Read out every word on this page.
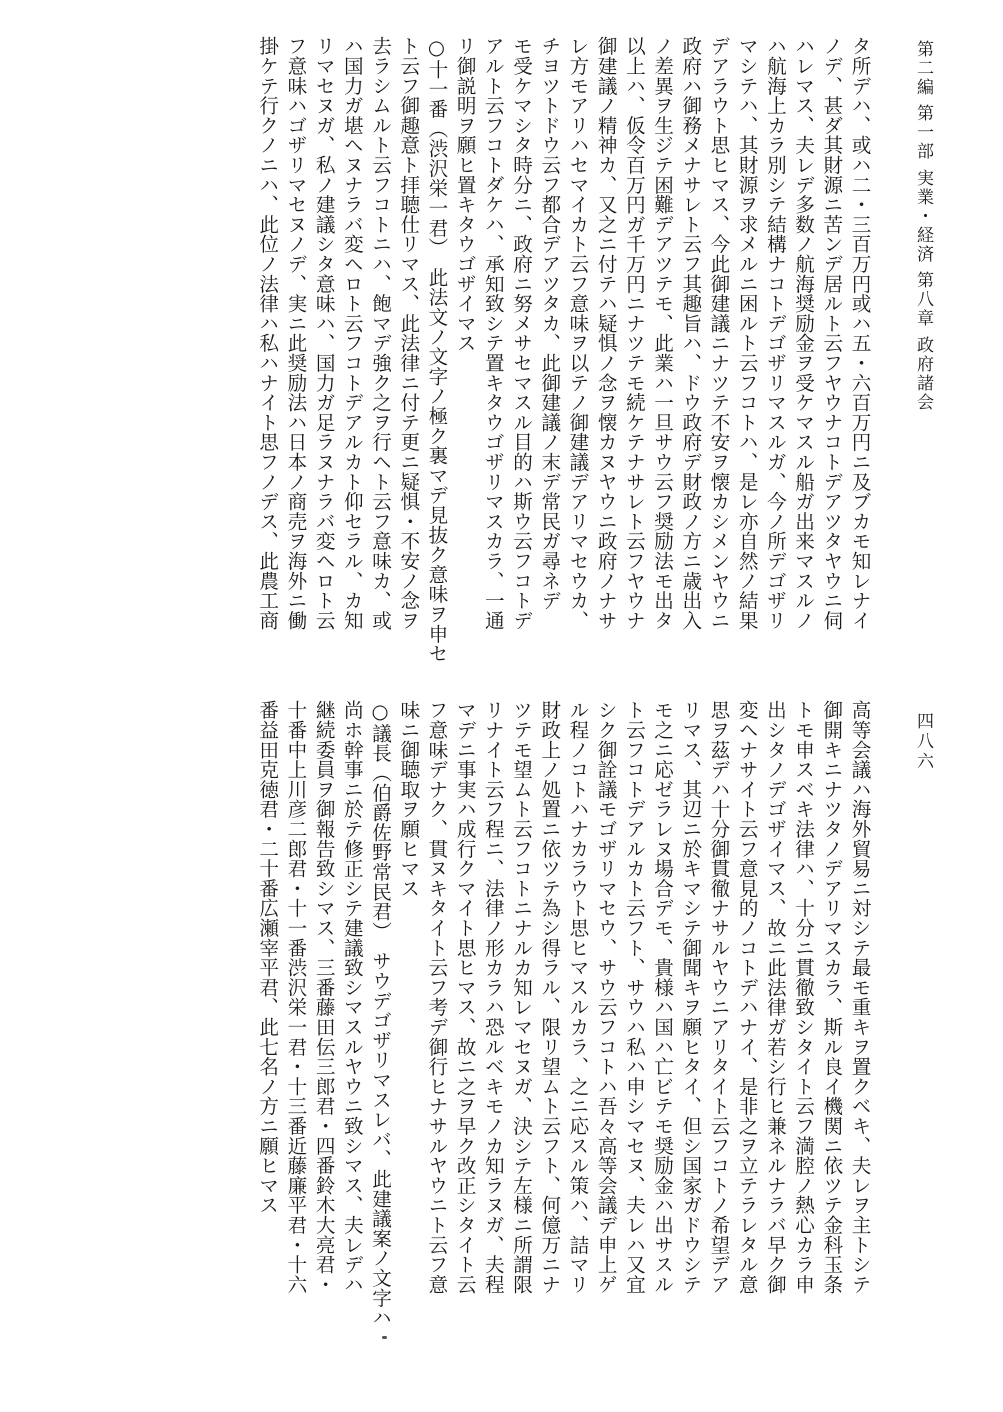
第二編 第一部 実業・経済 第八章 政府諸会
四八六
タ所デハ、或ハ二・三百万円或ハ五・六百万円ニ及ブカモ知レナイ
ノデ、甚ダ其財源ニ苦ンデ居ルト云フヤウナコトデアツタヤウニ伺
ハレマス、夫レデ多数ノ航海奨励金ヲ受ケマスル船ガ出来マスルノ
ハ航海上カラ別シテ結構ナコトデゴザリマスルガ、今ノ所デゴザリ
マシテハ、其財源ヲ求メルニ困ルト云フコトハ、是レ亦自然ノ結果
デアラウト思ヒマス、今此御建議ニナツテ不安ヲ懐カシメンヤウニ
政府ハ御務メナサレト云フ其趣旨ハ、ドウ政府デ財政ノ方ニ歳出入
ノ差異ヲ生ジテ困難デアツテモ、此業ハ一旦サウ云フ奨励法モ出タ
以上ハ、仮令百万円ガ千万円ニナツテモ続ケテナサレト云フヤウナ
御建議ノ精神カ、又之ニ付テハ疑惧ノ念ヲ懐カヌヤウニ政府ノナサ
レ方モアリハセマイカト云フ意味ヲ以テノ御建議デアリマセウカ、
チヨツトドウ云フ都合デアツタカ、此御建議ノ末デ常民ガ尋ネデ
モ受ケマシタ時分ニ、政府ニ努メサセマスル目的ハ斯ウ云フコトデ
アルト云フコトダケハ、承知致シテ置キタウゴザリマスカラ、一通
リ御説明ヲ願ヒ置キタウゴザイマス
○十一番（渋沢栄一君）　此法文ノ文字ノ極ク裏マデ見抜ク意味ヲ申セ
ト云フ御趣意ト拝聴仕リマス、此法律ニ付テ更ニ疑惧・不安ノ念ヲ
去ラシムルト云フコトニハ、飽マデ強ク之ヲ行ヘト云フ意味カ、或
ハ国力ガ堪ヘヌナラバ変ヘロト云フコトデアルカト仰セラル、カ知
リマセヌガ、私ノ建議シタ意味ハ、国力ガ足ラヌナラバ変ヘロト云
フ意味ハゴザリマセヌノデ、実ニ此奨励法ハ日本ノ商売ヲ海外ニ働
掛ケテ行クノニハ、此位ノ法律ハ私ハナイト思フノデス、此農工商
高等会議ハ海外貿易ニ対シテ最モ重キヲ置クベキ、夫レヲ主トシテ
御開キニナツタノデアリマスカラ、斯ル良イ機関ニ依ツテ金科玉条
トモ申スベキ法律ハ、十分ニ貫徹致シタイト云フ満腔ノ熱心カラ申
出シタノデゴザイマス、故ニ此法律ガ若シ行ヒ兼ネルナラバ早ク御
変ヘナサイト云フ意見的ノコトデハナイ、是非之ヲ立テラレタル意
思ヲ茲デハ十分御貫徹ナサルヤウニアリタイト云フコトノ希望デア
リマス、其辺ニ於キマシテ御聞キヲ願ヒタイ、但シ国家ガドウシテ
モ之ニ応ゼラレヌ場合デモ、貴様ハ国ハ亡ビテモ奨励金ハ出サスル
ト云フコトデアルカト云フト、サウハ私ハ申シマセヌ、夫レハ又宜
シク御詮議モゴザリマセウ、サウ云フコトハ吾々高等会議デ申上ゲ
ル程ノコトハナカラウト思ヒマスルカラ、之ニ応スル策ハ、詰マリ
財政上ノ処置ニ依ツテ為シ得ラル、限リ望ムト云フト、何億万ニナ
ツテモ望ムト云フコトニナルカ知レマセヌガ、決シテ左様ニ所謂限
リナイト云フ程ニ、法律ノ形カラハ恐ルベキモノカ知ラヌガ、夫程
マデニ事実ハ成行クマイト思ヒマス、故ニ之ヲ早ク改正シタイト云
フ意味デナク、貫ヌキタイト云フ考デ御行ヒナサルヤウニト云フ意
味ニ御聴取ヲ願ヒマス
○議長（伯爵佐野常民君）　サウデゴザリマスレバ、此建議案ノ文字ハ
尚ホ幹事ニ於テ修正シテ建議致シマスルヤウニ致シマス、夫レデハ
継続委員ヲ御報告致シマス、三番藤田伝三郎君・四番鈴木大亮君・
十番中上川彦二郎君・十一番渋沢栄一君・十三番近藤廉平君・十六
番益田克徳君・二十番広瀬宰平君、此七名ノ方ニ願ヒマス
